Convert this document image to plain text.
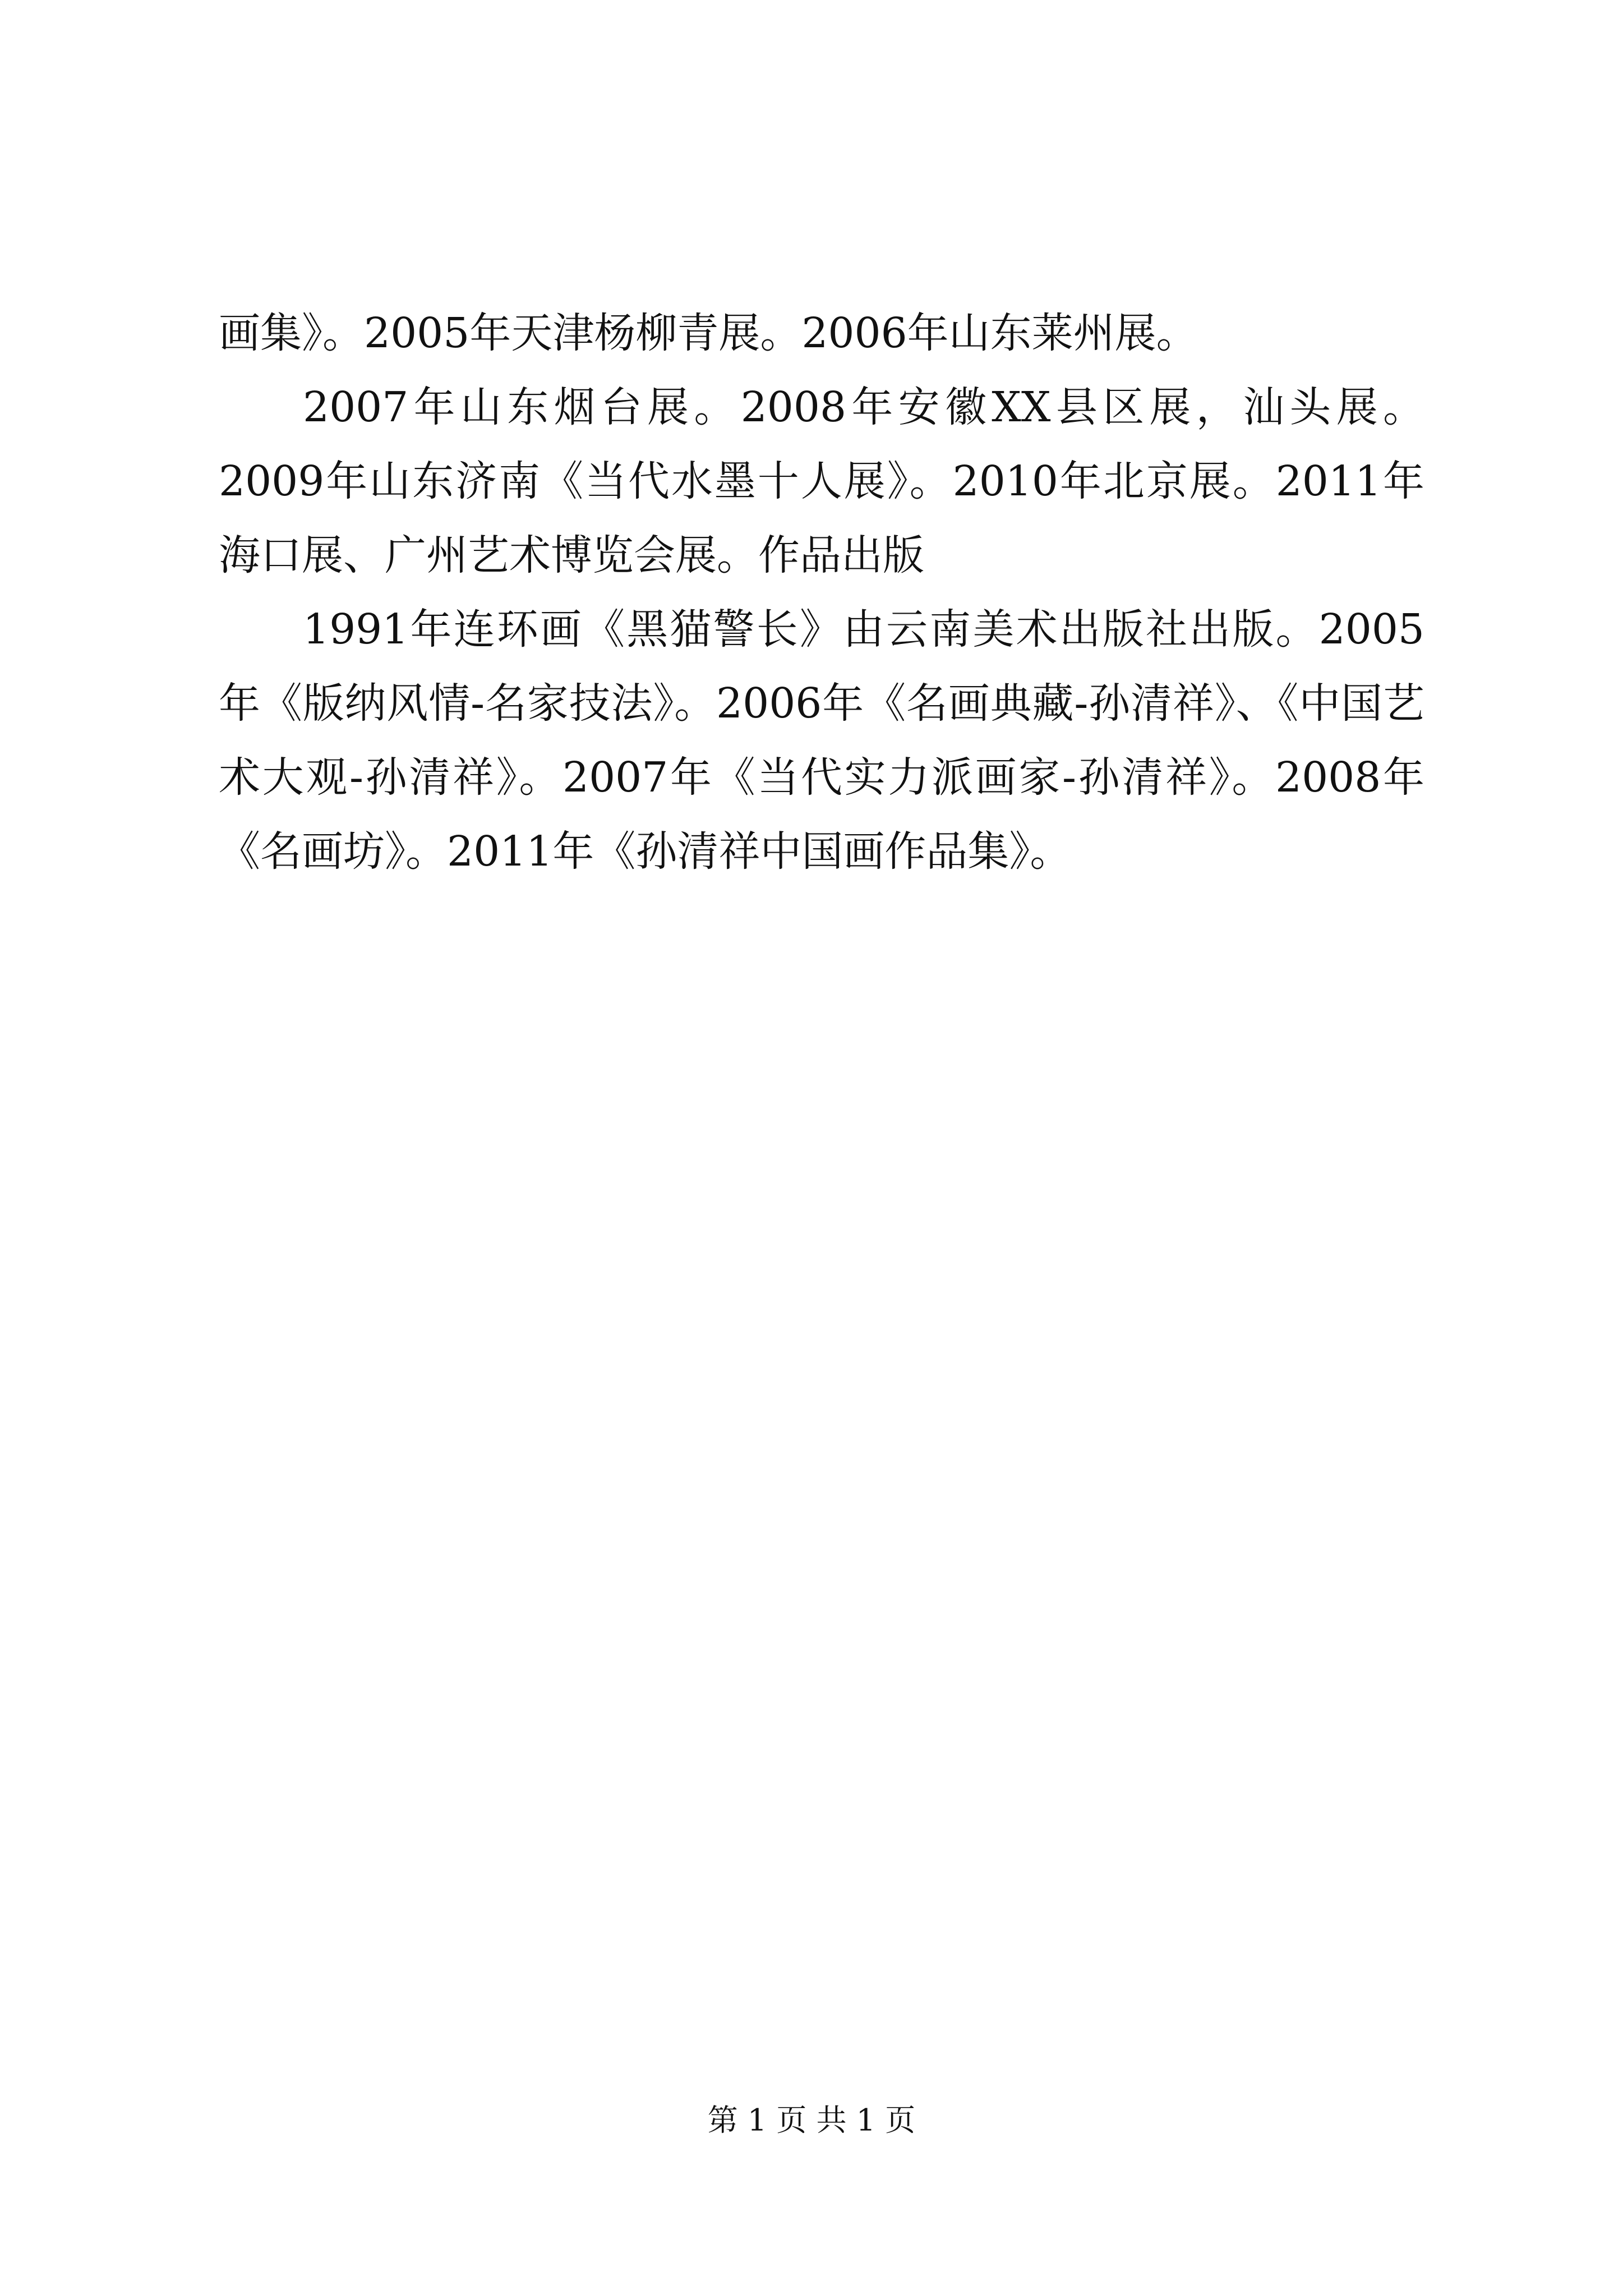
画集》。2005年天津杨柳青展。2006年山东莱州展。

2007年山东烟台展。2008年安徽XX县区展，汕头展。2009年山东济南《当代水墨十人展》。2010年北京展。2011年海口展、广州艺术博览会展。作品出版

1991年连环画《黑猫警长》由云南美术出版社出版。2005年《版纳风情-名家技法》。2006年《名画典藏-孙清祥》、《中国艺术大观-孙清祥》。2007年《当代实力派画家-孙清祥》。2008年《名画坊》。2011年《孙清祥中国画作品集》。

第 1 页 共 1 页
